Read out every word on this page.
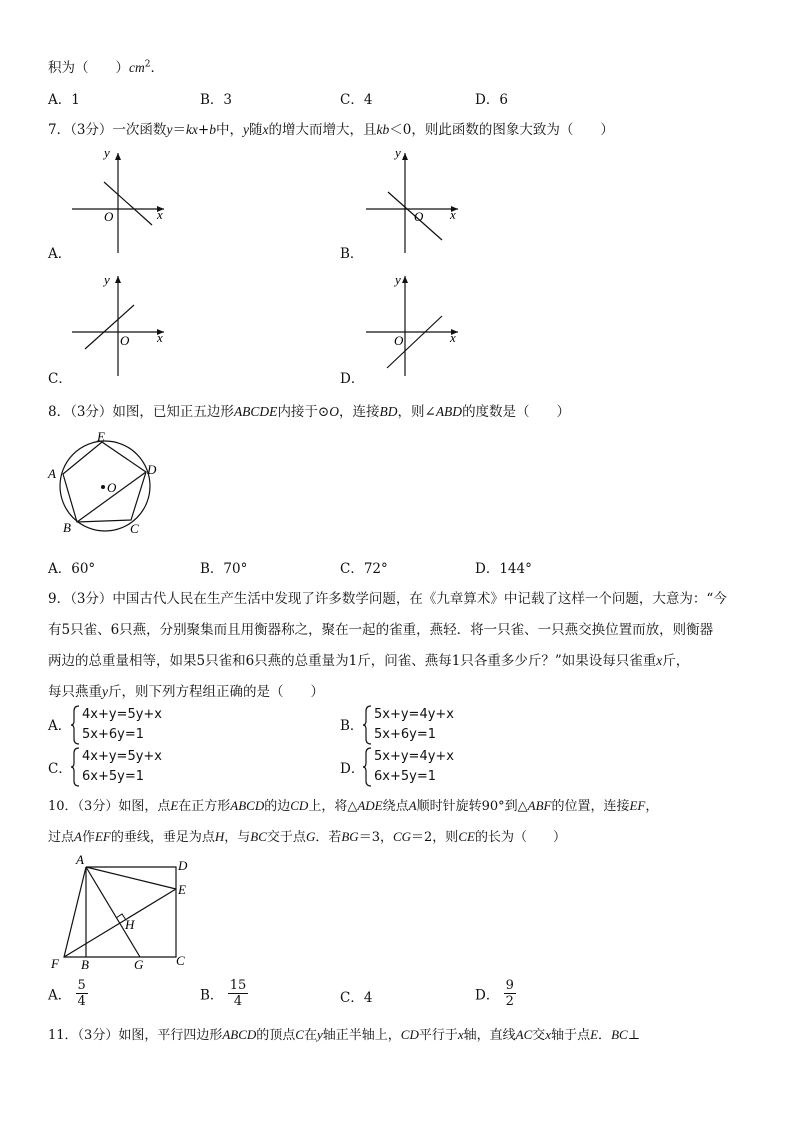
积为（　　）$cm^2$．
A．1	B．3	C．4	D．6
7．（3分）一次函数y＝kx+b中，y随x的增大而增大，且kb＜0，则此函数的图象大致为（　　）
y
x
O
A．
y
x
O
B．
y
x
O
C．
y
x
O
D．
8．（3分）如图，已知正五边形ABCDE内接于⊙O，连接BD，则∠ABD的度数是（　　）
E
A	D
O
B	C
A．60°	B．70°	C．72°	D．144°
9．（3分）中国古代人民在生产生活中发现了许多数学问题，在《九章算术》中记载了这样一个问题，大意为：“今
有5只雀、6只燕，分别聚集而且用衡器称之，聚在一起的雀重，燕轻．将一只雀、一只燕交换位置而放，则衡器
两边的总重量相等，如果5只雀和6只燕的总重量为1斤，问雀、燕每1只各重多少斤？”如果设每只雀重x斤，
每只燕重y斤，则下列方程组正确的是（　　）
A．
4x+y=5y+x
5x+6y=1
B．
5x+y=4y+x
5x+6y=1
C．
4x+y=5y+x
6x+5y=1	D．
5x+y=4y+x
6x+5y=1
10．（3分）如图，点E在正方形ABCD的边CD上，将△ADE绕点A顺时针旋转90°到△ABF的位置，连接EF，
过点A作EF的垂线，垂足为点H，与BC交于点G．若BG＝3，CG＝2，则CE的长为（　　）
A	D
E
H
F B	G	C
A． $\frac{5}{4}$	B． $\frac{15}{4}$	C．4	D． $\frac{9}{2}$
11．（3分）如图，平行四边形ABCD的顶点C在y轴正半轴上，CD平行于x轴，直线AC交x轴于点E．BC⊥
